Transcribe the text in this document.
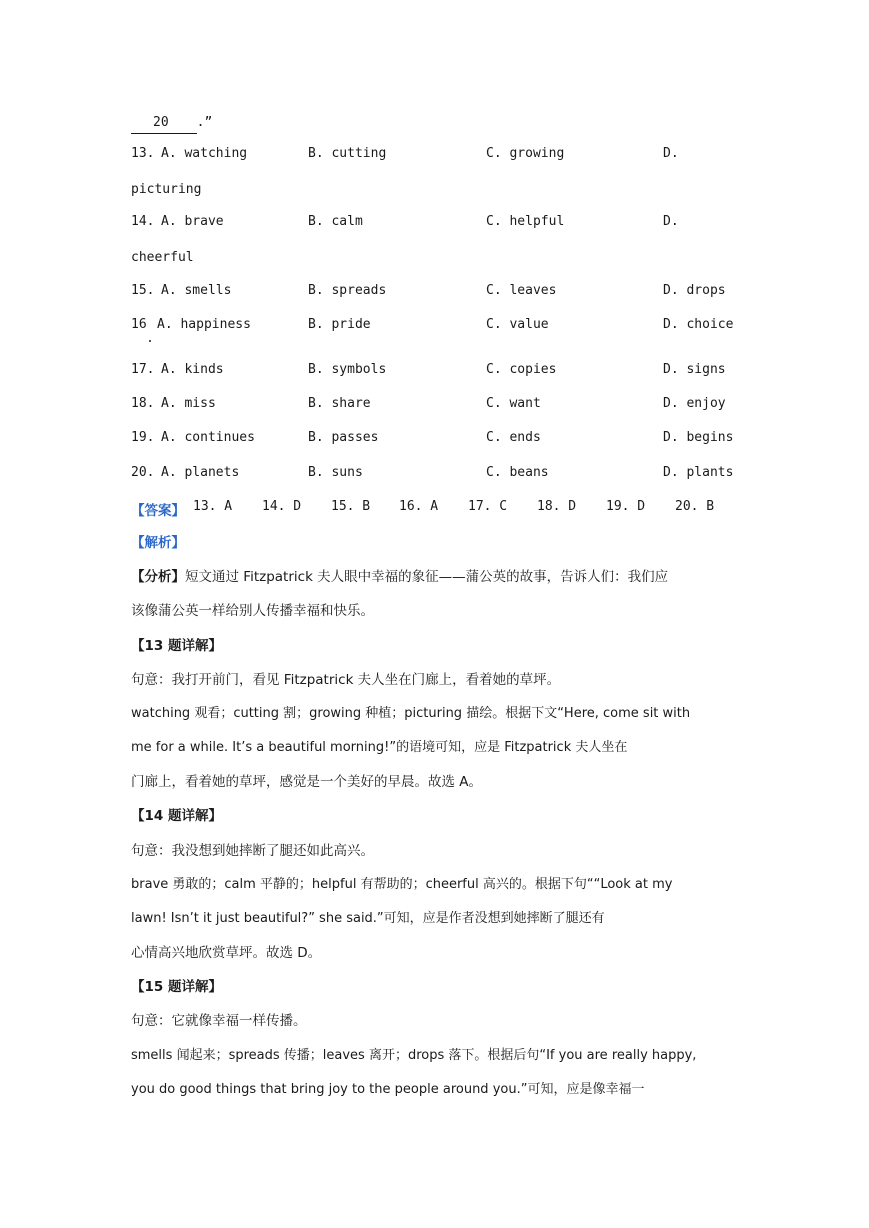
20 .”
13. A. watching	B. cutting	C. growing	D.
picturing
14. A. brave	B. calm	C. helpful	D.
cheerful
15. A. smells	B. spreads	C. leaves	D. drops
16 A. happiness	B. pride	C. value	D. choice
17. A. kinds	B. symbols	C. copies	D. signs
18. A. miss	B. share	C. want	D. enjoy
19. A. continues	B. passes	C. ends	D. begins
20. A. planets	B. suns	C. beans	D. plants
【答案】 13. A 14. D 15. B 16. A 17. C 18. D 19. D 20. B
【解析】
【分析】短文通过 Fitzpatrick 夫人眼中幸福的象征——蒲公英的故事，告诉人们：我们应
该像蒲公英一样给别人传播幸福和快乐。
【13 题详解】
句意：我打开前门，看见 Fitzpatrick 夫人坐在门廊上，看着她的草坪。
watching 观看；cutting 割；growing 种植；picturing 描绘。根据下文“Here, come sit with
me for a while. It’s a beautiful morning!”的语境可知，应是 Fitzpatrick 夫人坐在
门廊上，看着她的草坪，感觉是一个美好的早晨。故选 A。
【14 题详解】
句意：我没想到她摔断了腿还如此高兴。
brave 勇敢的；calm 平静的；helpful 有帮助的；cheerful 高兴的。根据下句““Look at my
lawn! Isn’t it just beautiful?” she said.”可知，应是作者没想到她摔断了腿还有
心情高兴地欣赏草坪。故选 D。
【15 题详解】
句意：它就像幸福一样传播。
smells 闻起来；spreads 传播；leaves 离开；drops 落下。根据后句“If you are really happy,
you do good things that bring joy to the people around you.”可知，应是像幸福一
